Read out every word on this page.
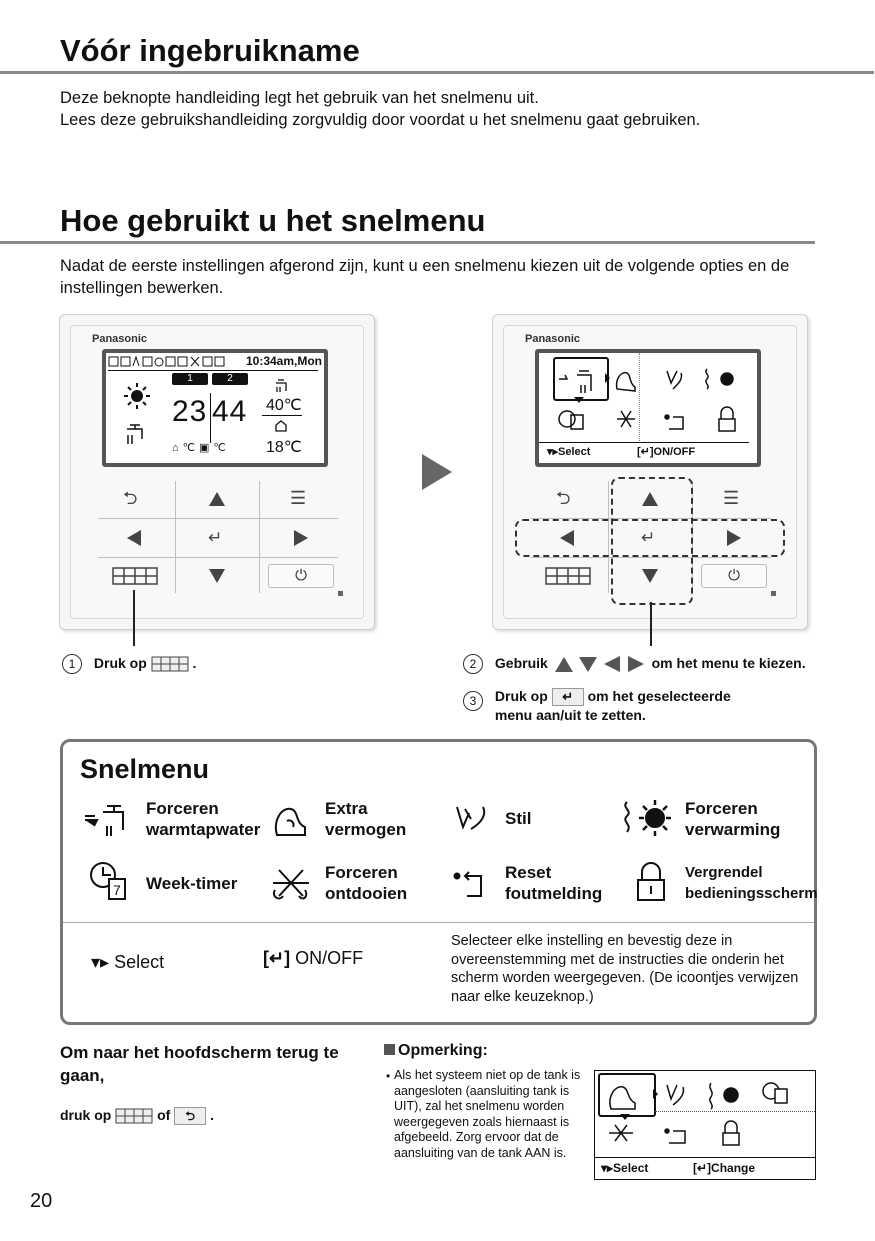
Vóór ingebruikname
Deze beknopte handleiding legt het gebruik van het snelmenu uit.
Lees deze gebruikshandleiding zorgvuldig door voordat u het snelmenu gaat gebruiken.
Hoe gebruikt u het snelmenu
Nadat de eerste instellingen afgerond zijn, kunt u een snelmenu kiezen uit de volgende opties en de instellingen bewerken.
Panasonic
10:34am,Mon
1	2
23 44 40℃
18℃
⌂ ℃ ▣ ℃
⮌	☰
↵
⏻
Panasonic
▾▸Select	[↵]ON/OFF
⮌	☰
↵
⏻
1 Druk op	.	2 Gebruik	om het menu te kiezen.
3 Druk op ↵ om het geselecteerde
menu aan/uit te zetten.
Snelmenu
Forceren
warmtapwater
Extra
vermogen
Stil
Forceren
verwarming
7 Week-timer
Forceren
ontdooien
Reset
foutmelding
Vergrendel
bedieningsscherm
▾▸ Select	[↵] ON/OFF
Selecteer elke instelling en bevestig deze in overeenstemming met de instructies die onderin het scherm worden weergegeven. (De icoontjes verwijzen naar elke keuzeknop.)
Om naar het hoofdscherm terug te gaan,
druk op	of ⮌ .
Opmerking:
• Als het systeem niet op de tank is aangesloten (aansluiting tank is UIT), zal het snelmenu worden weergegeven zoals hiernaast is afgebeeld. Zorg ervoor dat de aansluiting van de tank AAN is.
▾▸Select	[↵]Change
20
